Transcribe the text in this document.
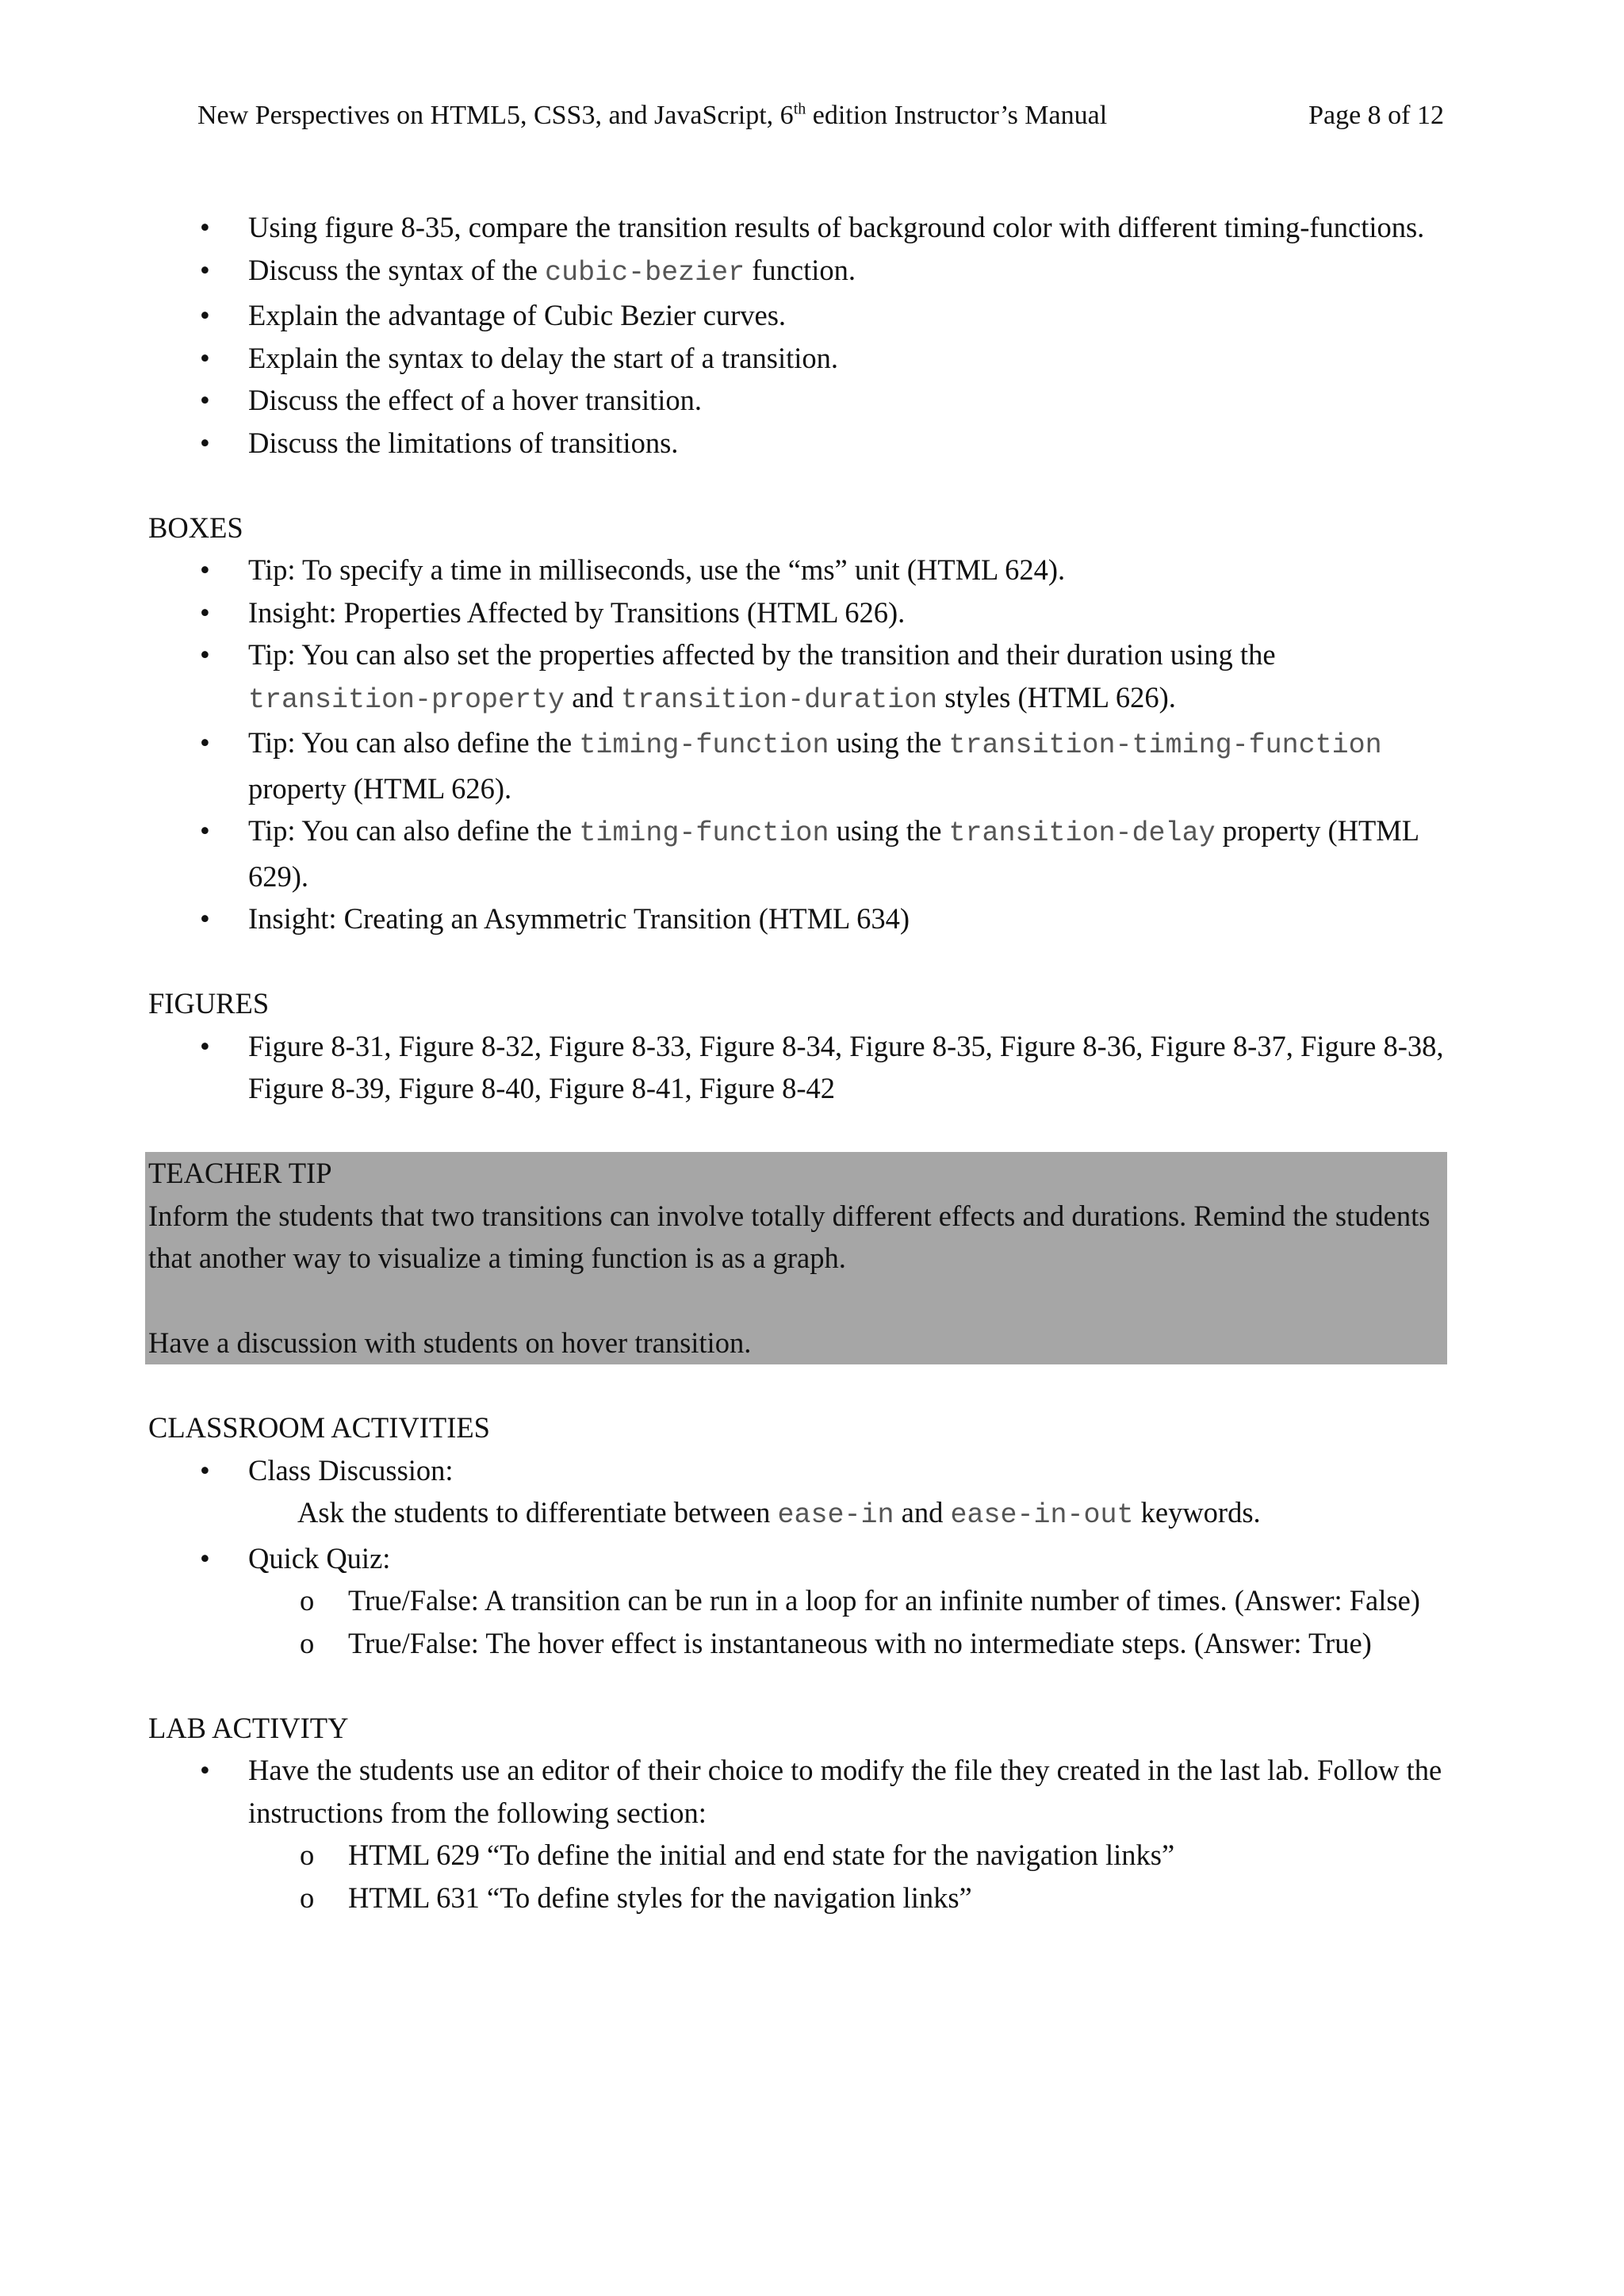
New Perspectives on HTML5, CSS3, and JavaScript, 6th edition Instructor’s Manual	Page 8 of 12
• Using figure 8-35, compare the transition results of background color with different timing-functions.
• Discuss the syntax of the cubic-bezier function.
• Explain the advantage of Cubic Bezier curves.
• Explain the syntax to delay the start of a transition.
• Discuss the effect of a hover transition.
• Discuss the limitations of transitions.
BOXES
• Tip: To specify a time in milliseconds, use the “ms” unit (HTML 624).
• Insight: Properties Affected by Transitions (HTML 626).
• Tip: You can also set the properties affected by the transition and their duration using the transition-property and transition-duration styles (HTML 626).
• Tip: You can also define the timing-function using the transition-timing-function property (HTML 626).
• Tip: You can also define the timing-function using the transition-delay property (HTML 629).
• Insight: Creating an Asymmetric Transition (HTML 634)
FIGURES
• Figure 8-31, Figure 8-32, Figure 8-33, Figure 8-34, Figure 8-35, Figure 8-36, Figure 8-37, Figure 8-38, Figure 8-39, Figure 8-40, Figure 8-41, Figure 8-42
TEACHER TIP
Inform the students that two transitions can involve totally different effects and durations. Remind the students that another way to visualize a timing function is as a graph.
Have a discussion with students on hover transition.
CLASSROOM ACTIVITIES
• Class Discussion:
Ask the students to differentiate between ease-in and ease-in-out keywords.
• Quick Quiz:
o True/False: A transition can be run in a loop for an infinite number of times. (Answer: False)
o True/False: The hover effect is instantaneous with no intermediate steps. (Answer: True)
LAB ACTIVITY
• Have the students use an editor of their choice to modify the file they created in the last lab. Follow the instructions from the following section:
o HTML 629 “To define the initial and end state for the navigation links”
o HTML 631 “To define styles for the navigation links”
